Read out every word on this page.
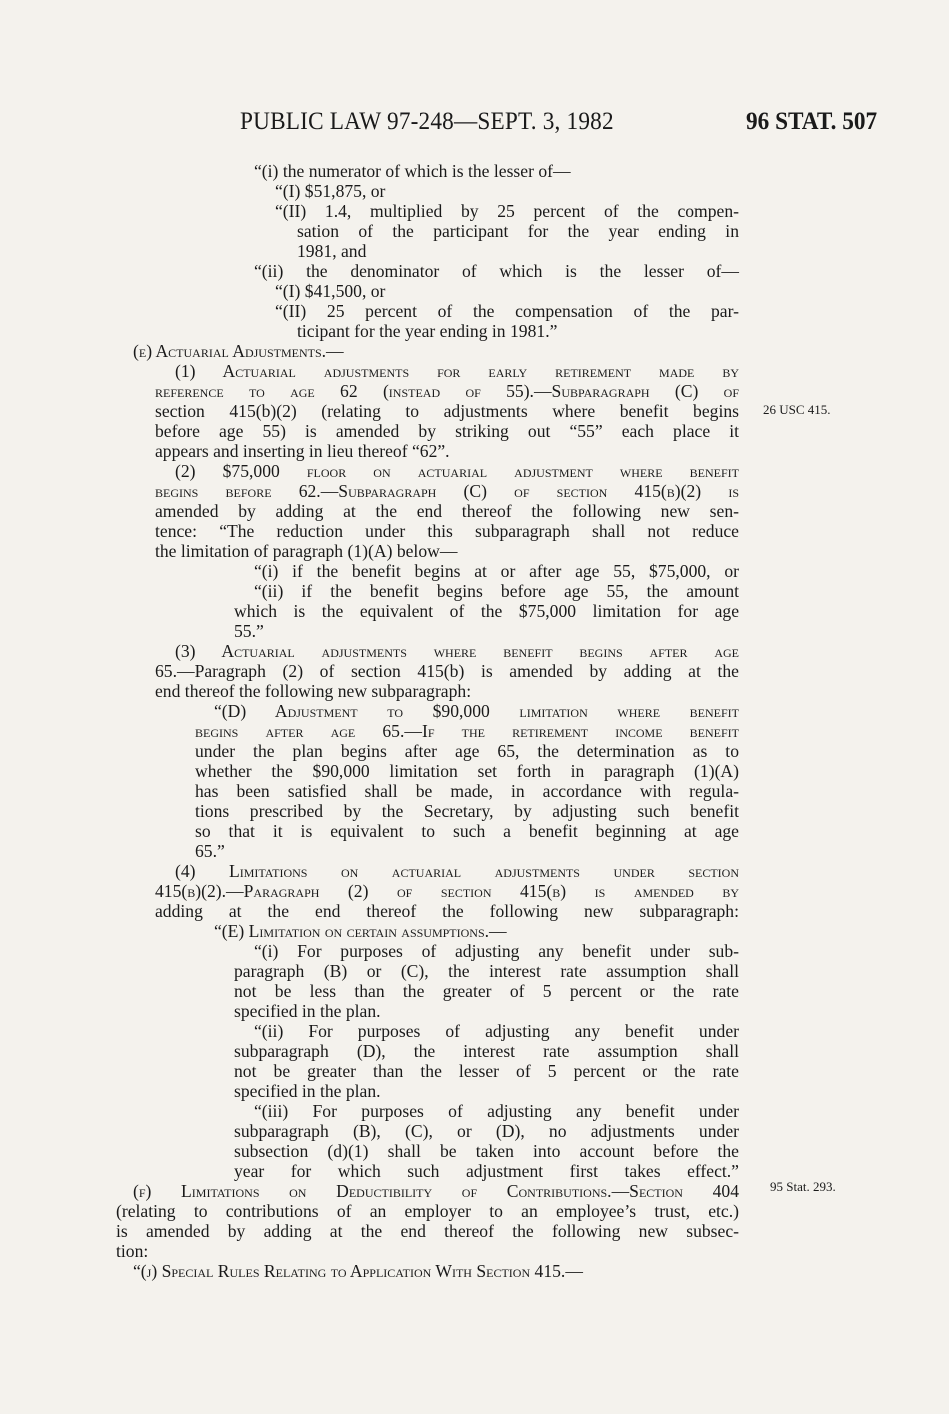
PUBLIC LAW 97-248—SEPT. 3, 1982	96 STAT. 507
“(i) the numerator of which is the lesser of—
“(I) $51,875, or
“(II) 1.4, multiplied by 25 percent of the compen-
sation of the participant for the year ending in
1981, and
“(ii) the denominator of which is the lesser of—
“(I) $41,500, or
“(II) 25 percent of the compensation of the par-
ticipant for the year ending in 1981.”
(e) Actuarial Adjustments.—
(1) Actuarial adjustments for early retirement made by
reference to age 62 (instead of 55).—Subparagraph (C) of
section 415(b)(2) (relating to adjustments where benefit begins
before age 55) is amended by striking out “55” each place it
appears and inserting in lieu thereof “62”.
(2) $75,000 floor on actuarial adjustment where benefit
begins before 62.—Subparagraph (C) of section 415(b)(2) is
amended by adding at the end thereof the following new sen-
tence: “The reduction under this subparagraph shall not reduce
the limitation of paragraph (1)(A) below—
“(i) if the benefit begins at or after age 55, $75,000, or
“(ii) if the benefit begins before age 55, the amount
which is the equivalent of the $75,000 limitation for age
55.”
(3) Actuarial adjustments where benefit begins after age
65.—Paragraph (2) of section 415(b) is amended by adding at the
end thereof the following new subparagraph:
“(D) Adjustment to $90,000 limitation where benefit
begins after age 65.—If the retirement income benefit
under the plan begins after age 65, the determination as to
whether the $90,000 limitation set forth in paragraph (1)(A)
has been satisfied shall be made, in accordance with regula-
tions prescribed by the Secretary, by adjusting such benefit
so that it is equivalent to such a benefit beginning at age
65.”
(4) Limitations on actuarial adjustments under section
415(b)(2).—Paragraph (2) of section 415(b) is amended by
adding at the end thereof the following new subparagraph:
“(E) Limitation on certain assumptions.—
“(i) For purposes of adjusting any benefit under sub-
paragraph (B) or (C), the interest rate assumption shall
not be less than the greater of 5 percent or the rate
specified in the plan.
“(ii) For purposes of adjusting any benefit under
subparagraph (D), the interest rate assumption shall
not be greater than the lesser of 5 percent or the rate
specified in the plan.
“(iii) For purposes of adjusting any benefit under
subparagraph (B), (C), or (D), no adjustments under
subsection (d)(1) shall be taken into account before the
year for which such adjustment first takes effect.”
(f) Limitations on Deductibility of Contributions.—Section 404
(relating to contributions of an employer to an employee’s trust, etc.)
is amended by adding at the end thereof the following new subsec-
tion:
“(j) Special Rules Relating to Application With Section 415.—
26 USC 415.
95 Stat. 293.
